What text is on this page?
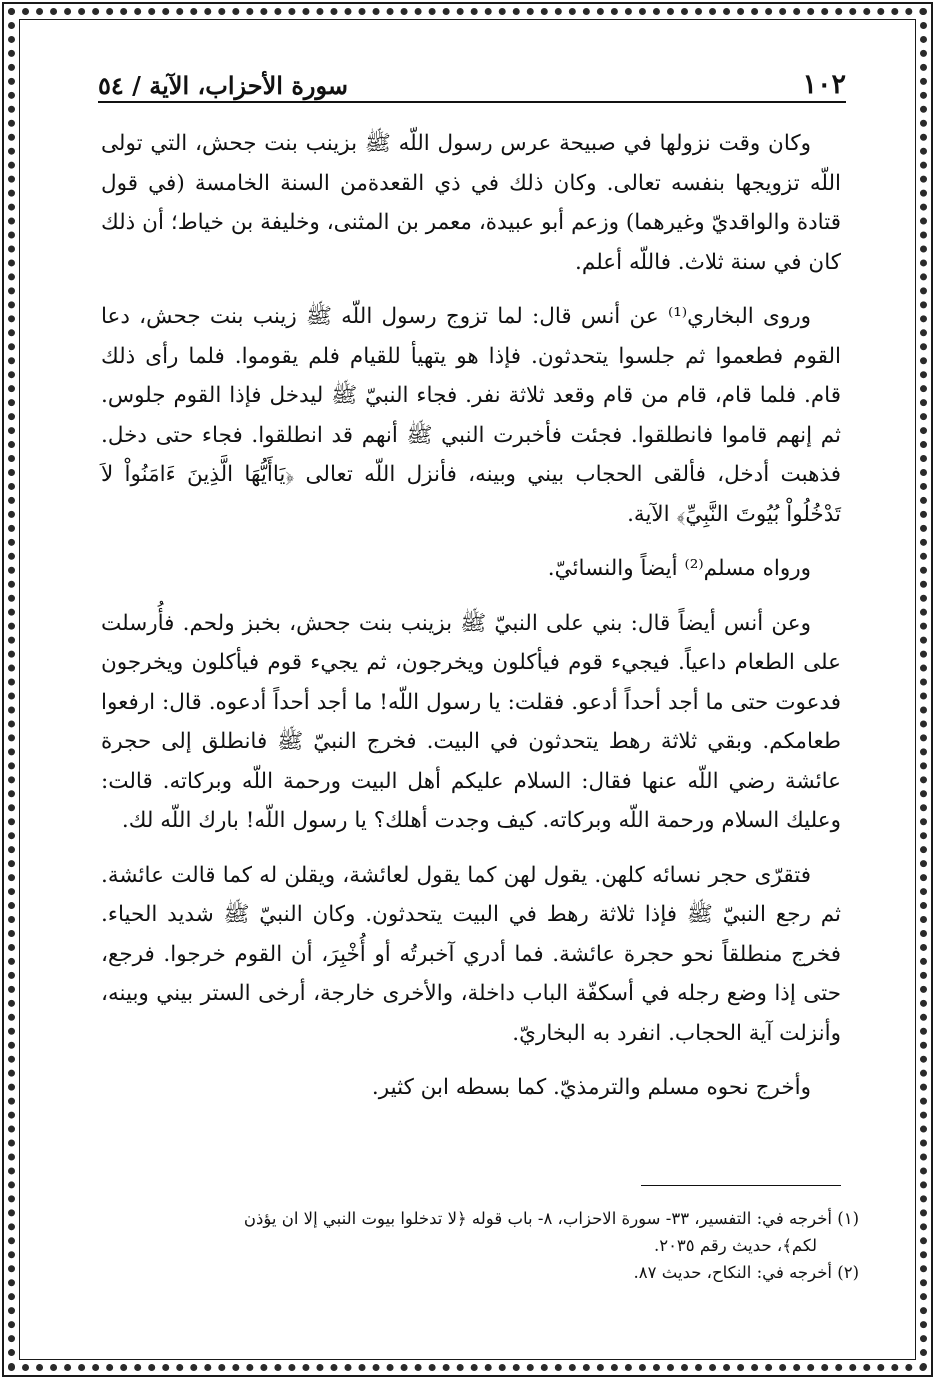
١٠٢
سورة الأحزاب، الآية / ٥٤

وكان وقت نزولها في صبيحة عرس رسول اللّه ﷺ بزينب بنت جحش، التي تولى اللّه تزويجها بنفسه تعالى. وكان ذلك في ذي القعدةمن السنة الخامسة (في قول قتادة والواقديّ وغيرهما) وزعم أبو عبيدة، معمر بن المثنى، وخليفة بن خياط؛ أن ذلك كان في سنة ثلاث. فاللّه أعلم.

وروى البخاري⁽¹⁾ عن أنس قال: لما تزوج رسول اللّه ﷺ زينب بنت جحش، دعا القوم فطعموا ثم جلسوا يتحدثون. فإذا هو يتهيأ للقيام فلم يقوموا. فلما رأى ذلك قام. فلما قام، قام من قام وقعد ثلاثة نفر. فجاء النبيّ ﷺ ليدخل فإذا القوم جلوس. ثم إنهم قاموا فانطلقوا. فجئت فأخبرت النبي ﷺ أنهم قد انطلقوا. فجاء حتى دخل. فذهبت أدخل، فألقى الحجاب بيني وبينه، فأنزل اللّه تعالى ﴿يَاأَيُّهَا الَّذِينَ ءَامَنُواْ لاَ تَدْخُلُواْ بُيُوتَ النَّبِيِّ﴾ الآية.

ورواه مسلم⁽²⁾ أيضاً والنسائيّ.

وعن أنس أيضاً قال: بني على النبيّ ﷺ بزينب بنت جحش، بخبز ولحم. فأُرسلت على الطعام داعياً. فيجيء قوم فيأكلون ويخرجون، ثم يجيء قوم فيأكلون ويخرجون فدعوت حتى ما أجد أحداً أدعو. فقلت: يا رسول اللّه! ما أجد أحداً أدعوه. قال: ارفعوا طعامكم. وبقي ثلاثة رهط يتحدثون في البيت. فخرج النبيّ ﷺ فانطلق إلى حجرة عائشة رضي اللّه عنها فقال: السلام عليكم أهل البيت ورحمة اللّه وبركاته. قالت: وعليك السلام ورحمة اللّه وبركاته. كيف وجدت أهلك؟ يا رسول اللّه! بارك اللّه لك.

فتقرّى حجر نسائه كلهن. يقول لهن كما يقول لعائشة، ويقلن له كما قالت عائشة. ثم رجع النبيّ ﷺ فإذا ثلاثة رهط في البيت يتحدثون. وكان النبيّ ﷺ شديد الحياء. فخرج منطلقاً نحو حجرة عائشة. فما أدري آخبرتُه أو أُخْبِرَ، أن القوم خرجوا. فرجع، حتى إذا وضع رجله في أسكفّة الباب داخلة، والأخرى خارجة، أرخى الستر بيني وبينه، وأنزلت آية الحجاب. انفرد به البخاريّ.

وأخرج نحوه مسلم والترمذيّ. كما بسطه ابن كثير.

(١) أخرجه في: التفسير، ٣٣- سورة الاحزاب، ٨- باب قوله ﴿لا تدخلوا بيوت النبي إلا ان يؤذن

لكم﴾، حديث رقم ٢٠٣٥.

(٢) أخرجه في: النكاح، حديث ٨٧.
